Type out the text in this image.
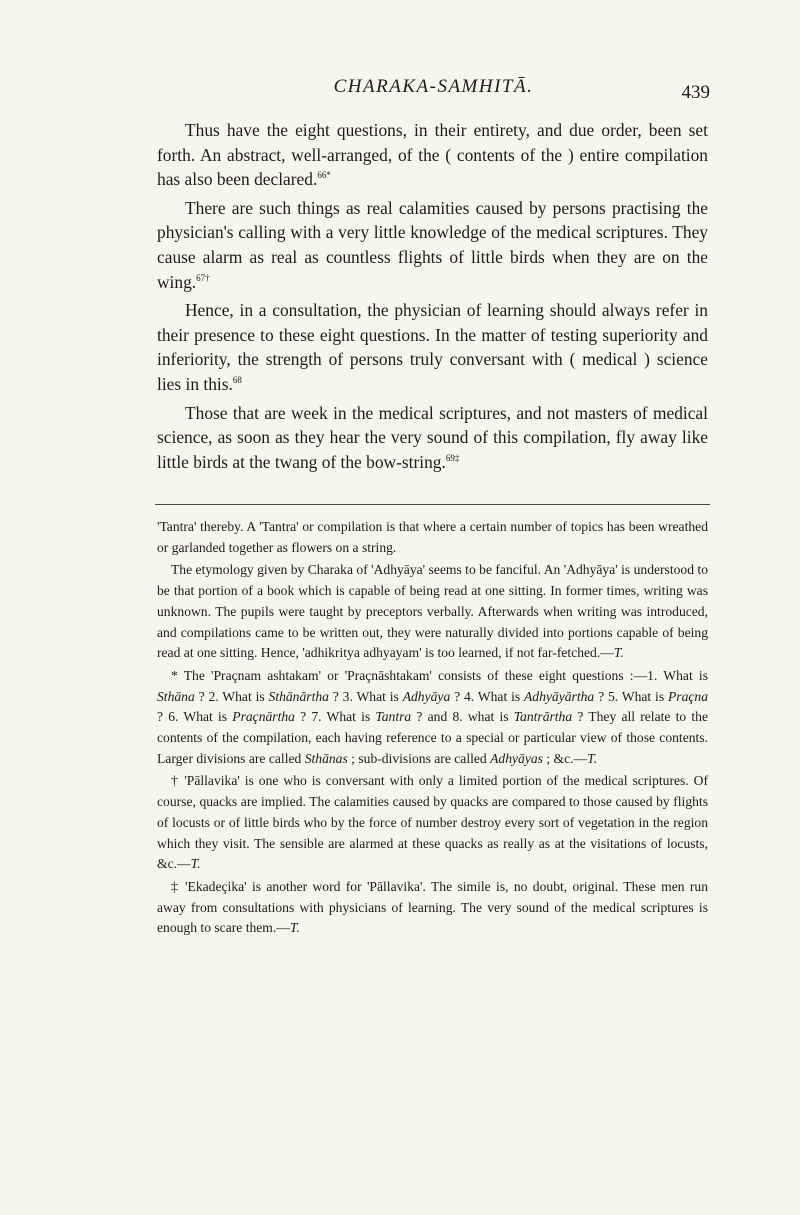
CHARAKA-SAMHITĀ.	439

Thus have the eight questions, in their entirety, and due order, been set forth. An abstract, well-arranged, of the ( contents of the ) entire compilation has also been declared.$^{66*}$

There are such things as real calamities caused by persons practising the physician's calling with a very little knowledge of the medical scriptures. They cause alarm as real as countless flights of little birds when they are on the wing.$^{67\dagger}$

Hence, in a consultation, the physician of learning should always refer in their presence to these eight questions. In the matter of testing superiority and inferiority, the strength of persons truly conversant with ( medical ) science lies in this.$^{68}$

Those that are week in the medical scriptures, and not masters of medical science, as soon as they hear the very sound of this compilation, fly away like little birds at the twang of the bow-string.$^{69\ddagger}$

'Tantra' thereby. A 'Tantra' or compilation is that where a certain number of topics has been wreathed or garlanded together as flowers on a string.

The etymology given by Charaka of 'Adhyāya' seems to be fanciful. An 'Adhyāya' is understood to be that portion of a book which is capable of being read at one sitting. In former times, writing was unknown. The pupils were taught by preceptors verbally. Afterwards when writing was introduced, and compilations came to be written out, they were naturally divided into portions capable of being read at one sitting. Hence, 'adhikritya adhyayam' is too learned, if not far-fetched.—T.

* The 'Praçnam ashtakam' or 'Praçnāshtakam' consists of these eight questions :—1. What is Sthāna ? 2. What is Sthānārtha ? 3. What is Adhyāya ? 4. What is Adhyāyārtha ? 5. What is Praçna ? 6. What is Praçnārtha ? 7. What is Tantra ? and 8. what is Tantrārtha ? They all relate to the contents of the compilation, each having reference to a special or particular view of those contents. Larger divisions are called Sthānas ; sub-divisions are called Adhyāyas ; &c.—T.

† 'Pāllavika' is one who is conversant with only a limited portion of the medical scriptures. Of course, quacks are implied. The calamities caused by quacks are compared to those caused by flights of locusts or of little birds who by the force of number destroy every sort of vegetation in the region which they visit. The sensible are alarmed at these quacks as really as at the visitations of locusts, &c.—T.

‡ 'Ekadeçika' is another word for 'Pāllavika'. The simile is, no doubt, original. These men run away from consultations with physicians of learning. The very sound of the medical scriptures is enough to scare them.—T.
